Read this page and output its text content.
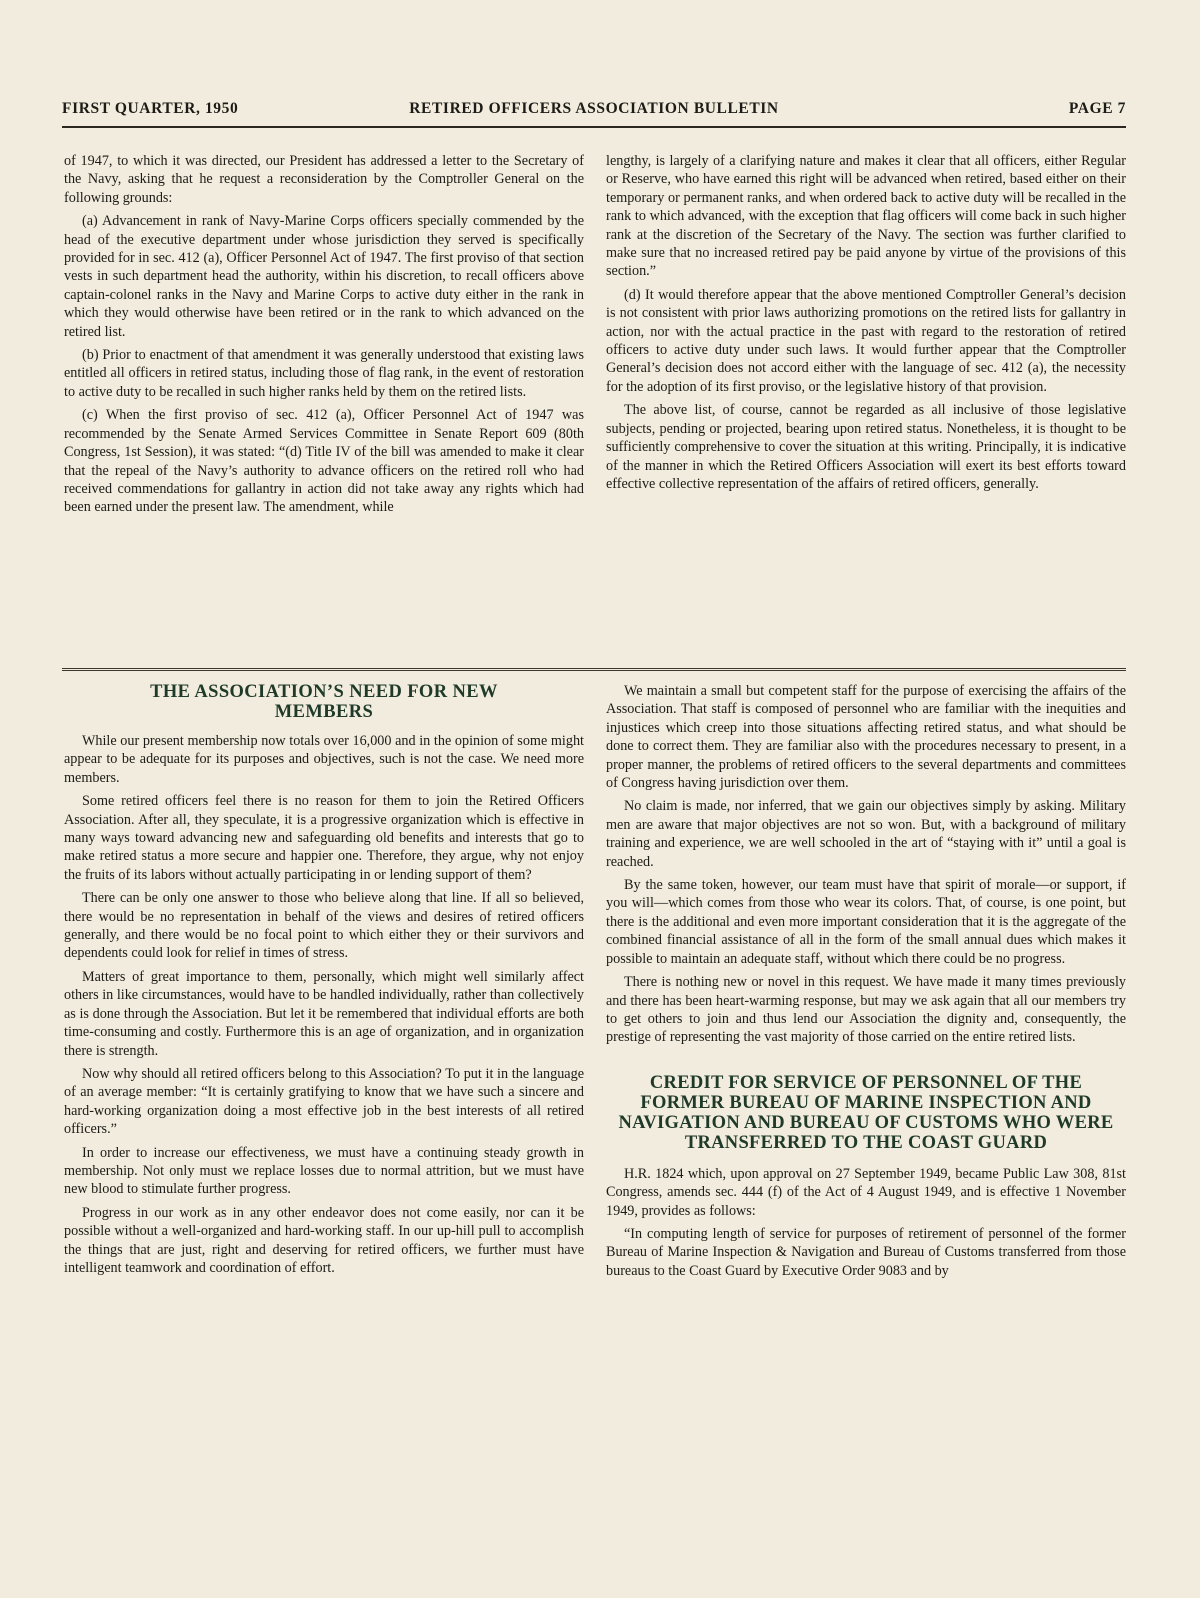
FIRST QUARTER, 1950	RETIRED OFFICERS ASSOCIATION BULLETIN	PAGE 7

of 1947, to which it was directed, our President has addressed a letter to the Secretary of the Navy, asking that he request a reconsideration by the Comptroller General on the following grounds:

(a) Advancement in rank of Navy-Marine Corps officers specially commended by the head of the executive department under whose jurisdiction they served is specifically provided for in sec. 412 (a), Officer Personnel Act of 1947. The first proviso of that section vests in such department head the authority, within his discretion, to recall officers above captain-colonel ranks in the Navy and Marine Corps to active duty either in the rank in which they would otherwise have been retired or in the rank to which advanced on the retired list.

(b) Prior to enactment of that amendment it was generally understood that existing laws entitled all officers in retired status, including those of flag rank, in the event of restoration to active duty to be recalled in such higher ranks held by them on the retired lists.

(c) When the first proviso of sec. 412 (a), Officer Personnel Act of 1947 was recommended by the Senate Armed Services Committee in Senate Report 609 (80th Congress, 1st Session), it was stated: “(d) Title IV of the bill was amended to make it clear that the repeal of the Navy’s authority to advance officers on the retired roll who had received commendations for gallantry in action did not take away any rights which had been earned under the present law. The amendment, while

lengthy, is largely of a clarifying nature and makes it clear that all officers, either Regular or Reserve, who have earned this right will be advanced when retired, based either on their temporary or permanent ranks, and when ordered back to active duty will be recalled in the rank to which advanced, with the exception that flag officers will come back in such higher rank at the discretion of the Secretary of the Navy. The section was further clarified to make sure that no increased retired pay be paid anyone by virtue of the provisions of this section.”

(d) It would therefore appear that the above mentioned Comptroller General’s decision is not consistent with prior laws authorizing promotions on the retired lists for gallantry in action, nor with the actual practice in the past with regard to the restoration of retired officers to active duty under such laws. It would further appear that the Comptroller General’s decision does not accord either with the language of sec. 412 (a), the necessity for the adoption of its first proviso, or the legislative history of that provision.

The above list, of course, cannot be regarded as all inclusive of those legislative subjects, pending or projected, bearing upon retired status. Nonetheless, it is thought to be sufficiently comprehensive to cover the situation at this writing. Principally, it is indicative of the manner in which the Retired Officers Association will exert its best efforts toward effective collective representation of the affairs of retired officers, generally.

THE ASSOCIATION’S NEED FOR NEW
MEMBERS

While our present membership now totals over 16,000 and in the opinion of some might appear to be adequate for its purposes and objectives, such is not the case. We need more members.

Some retired officers feel there is no reason for them to join the Retired Officers Association. After all, they speculate, it is a progressive organization which is effective in many ways toward advancing new and safeguarding old benefits and interests that go to make retired status a more secure and happier one. Therefore, they argue, why not enjoy the fruits of its labors without actually participating in or lending support of them?

There can be only one answer to those who believe along that line. If all so believed, there would be no representation in behalf of the views and desires of retired officers generally, and there would be no focal point to which either they or their survivors and dependents could look for relief in times of stress.

Matters of great importance to them, personally, which might well similarly affect others in like circumstances, would have to be handled individually, rather than collectively as is done through the Association. But let it be remembered that individual efforts are both time-consuming and costly. Furthermore this is an age of organization, and in organization there is strength.

Now why should all retired officers belong to this Association? To put it in the language of an average member: “It is certainly gratifying to know that we have such a sincere and hard-working organization doing a most effective job in the best interests of all retired officers.”

In order to increase our effectiveness, we must have a continuing steady growth in membership. Not only must we replace losses due to normal attrition, but we must have new blood to stimulate further progress.

Progress in our work as in any other endeavor does not come easily, nor can it be possible without a well-organized and hard-working staff. In our up-hill pull to accomplish the things that are just, right and deserving for retired officers, we further must have intelligent teamwork and coordination of effort.

We maintain a small but competent staff for the purpose of exercising the affairs of the Association. That staff is composed of personnel who are familiar with the inequities and injustices which creep into those situations affecting retired status, and what should be done to correct them. They are familiar also with the procedures necessary to present, in a proper manner, the problems of retired officers to the several departments and committees of Congress having jurisdiction over them.

No claim is made, nor inferred, that we gain our objectives simply by asking. Military men are aware that major objectives are not so won. But, with a background of military training and experience, we are well schooled in the art of “staying with it” until a goal is reached.

By the same token, however, our team must have that spirit of morale—or support, if you will—which comes from those who wear its colors. That, of course, is one point, but there is the additional and even more important consideration that it is the aggregate of the combined financial assistance of all in the form of the small annual dues which makes it possible to maintain an adequate staff, without which there could be no progress.

There is nothing new or novel in this request. We have made it many times previously and there has been heart-warming response, but may we ask again that all our members try to get others to join and thus lend our Association the dignity and, consequently, the prestige of representing the vast majority of those carried on the entire retired lists.

CREDIT FOR SERVICE OF PERSONNEL OF THE FORMER BUREAU OF MARINE INSPECTION AND NAVIGATION AND BUREAU OF CUSTOMS WHO WERE TRANSFERRED TO THE COAST GUARD

H.R. 1824 which, upon approval on 27 September 1949, became Public Law 308, 81st Congress, amends sec. 444 (f) of the Act of 4 August 1949, and is effective 1 November 1949, provides as follows:

“In computing length of service for purposes of retirement of personnel of the former Bureau of Marine Inspection & Navigation and Bureau of Customs transferred from those bureaus to the Coast Guard by Executive Order 9083 and by
